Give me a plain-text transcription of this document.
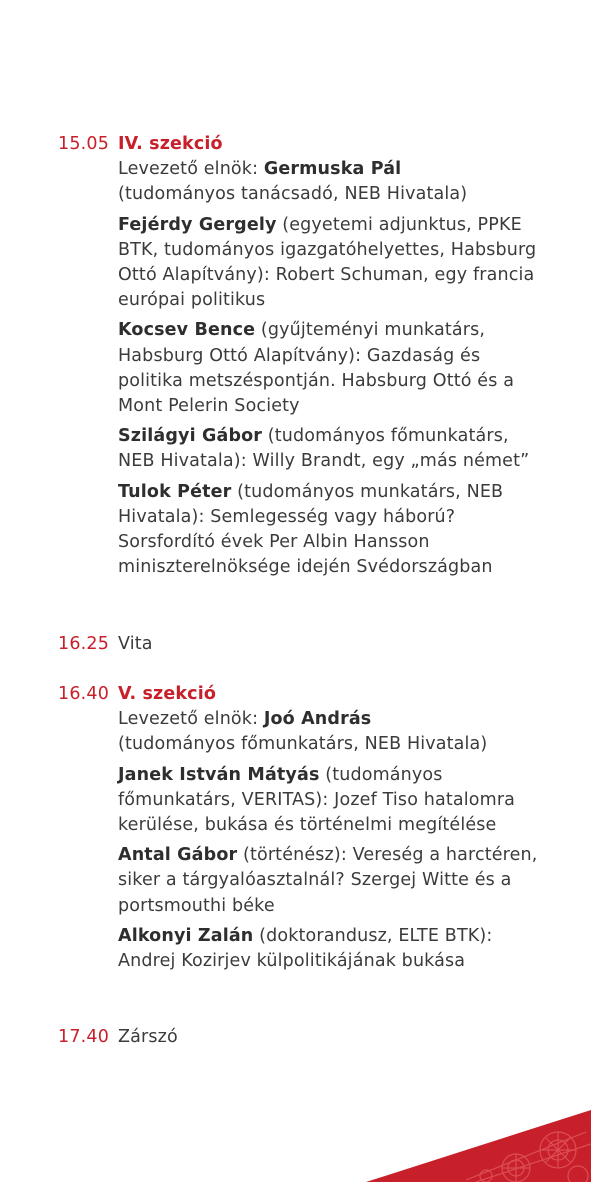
15.05 IV. szekció

Levezető elnök: Germuska Pál
(tudományos tanácsadó, NEB Hivatala)

Fejérdy Gergely (egyetemi adjunktus, PPKE BTK, tudományos igazgatóhelyettes, Habsburg Ottó Alapítvány): Robert Schuman, egy francia európai politikus

Kocsev Bence (gyűjteményi munkatárs, Habsburg Ottó Alapítvány): Gazdaság és politika metszéspontján. Habsburg Ottó és a Mont Pelerin Society

Szilágyi Gábor (tudományos főmunkatárs, NEB Hivatala): Willy Brandt, egy „más német”

Tulok Péter (tudományos munkatárs, NEB Hivatala): Semlegesség vagy háború? Sorsfordító évek Per Albin Hansson miniszterelnöksége idején Svédországban

16.25 Vita
16.40 V. szekció

Levezető elnök: Joó András
(tudományos főmunkatárs, NEB Hivatala)

Janek István Mátyás (tudományos főmunkatárs, VERITAS): Jozef Tiso hatalomra kerülése, bukása és történelmi megítélése

Antal Gábor (történész): Vereség a harctéren, siker a tárgyalóasztalnál? Szergej Witte és a portsmouthi béke

Alkonyi Zalán (doktorandusz, ELTE BTK): Andrej Kozirjev külpolitikájának bukása

17.40 Zárszó
